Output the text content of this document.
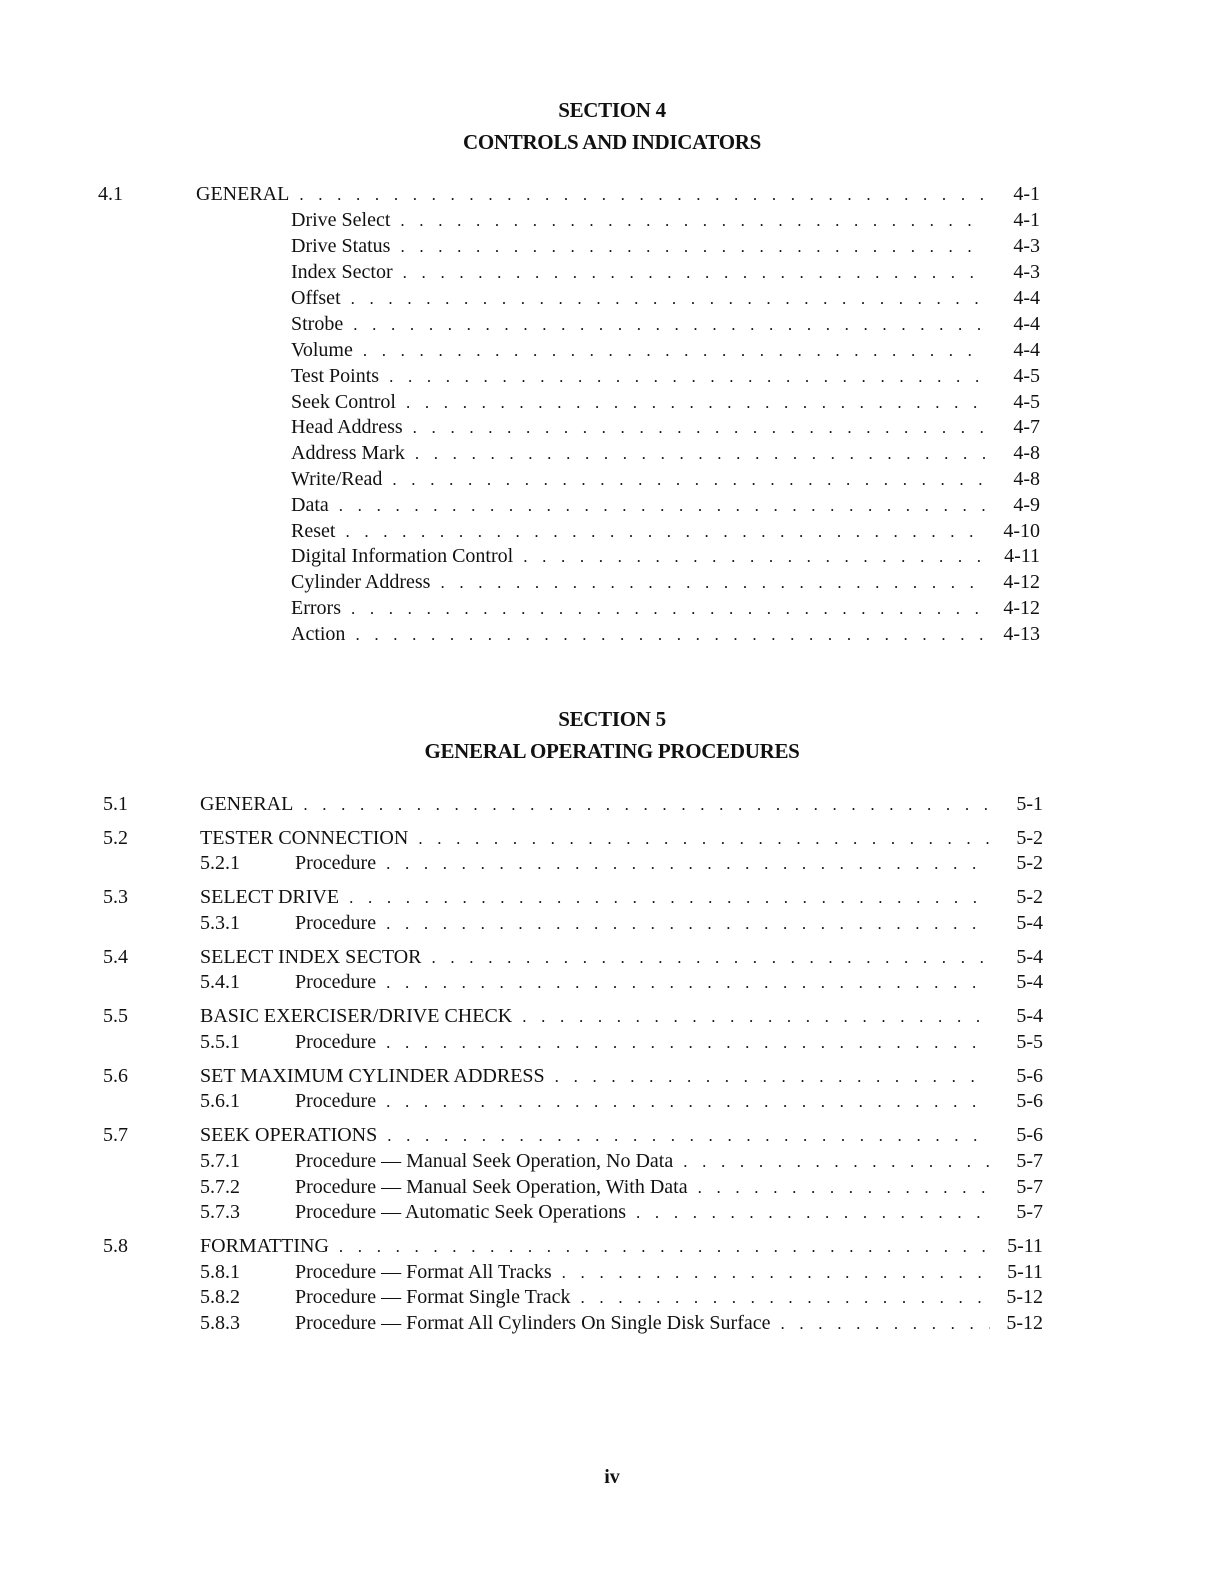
SECTION 4
CONTROLS AND INDICATORS
4.1	GENERAL . . .	4-1
Drive Select . . .	4-1
Drive Status . . .	4-3
Index Sector . . .	4-3
Offset . . .	4-4
Strobe . . .	4-4
Volume . . .	4-4
Test Points . . .	4-5
Seek Control . . .	4-5
Head Address . . .	4-7
Address Mark . . .	4-8
Write/Read . . .	4-8
Data . . .	4-9
Reset . . .	4-10
Digital Information Control . . .	4-11
Cylinder Address . . .	4-12
Errors . . .	4-12
Action . . .	4-13
SECTION 5
GENERAL OPERATING PROCEDURES
5.1	GENERAL . . .	5-1
5.2	TESTER CONNECTION . . .	5-2
5.2.1	Procedure . . .	5-2
5.3	SELECT DRIVE . . .	5-2
5.3.1	Procedure . . .	5-4
5.4	SELECT INDEX SECTOR . . .	5-4
5.4.1	Procedure . . .	5-4
5.5	BASIC EXERCISER/DRIVE CHECK . . .	5-4
5.5.1	Procedure . . .	5-5
5.6	SET MAXIMUM CYLINDER ADDRESS . . .	5-6
5.6.1	Procedure . . .	5-6
5.7	SEEK OPERATIONS . . .	5-6
5.7.1	Procedure — Manual Seek Operation, No Data . . .	5-7
5.7.2	Procedure — Manual Seek Operation, With Data . . .	5-7
5.7.3	Procedure — Automatic Seek Operations . . .	5-7
5.8	FORMATTING . . .	5-11
5.8.1	Procedure — Format All Tracks . . .	5-11
5.8.2	Procedure — Format Single Track . . .	5-12
5.8.3	Procedure — Format All Cylinders On Single Disk Surface . . .	5-12
iv
